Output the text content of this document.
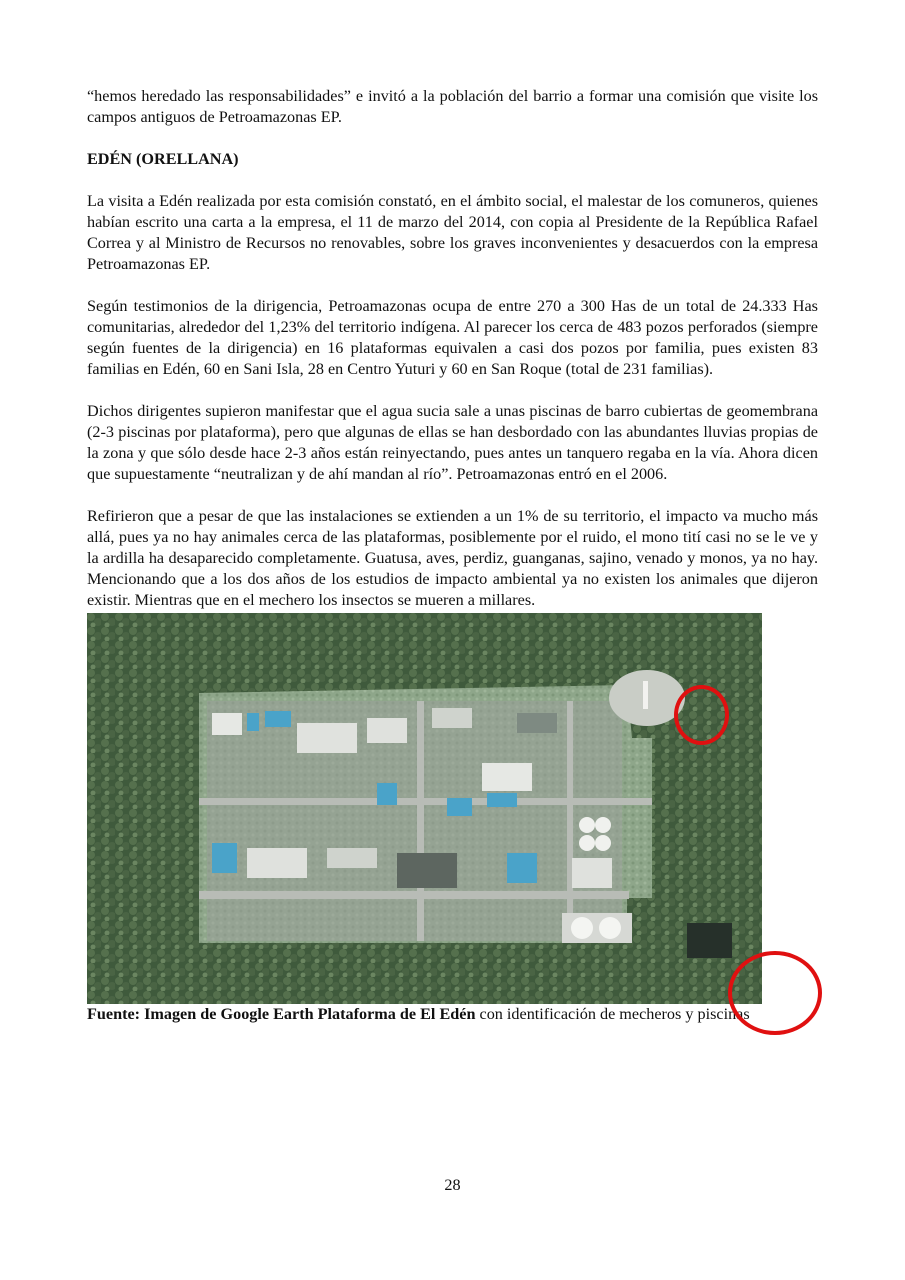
“hemos heredado las responsabilidades” e invitó a la población del barrio a formar una comisión que visite los campos antiguos de Petroamazonas EP.

EDÉN (ORELLANA)

La visita a Edén realizada por esta comisión constató, en el ámbito social, el malestar de los comuneros, quienes habían escrito una carta a la empresa, el 11 de marzo del 2014, con copia al Presidente de la República Rafael Correa y al Ministro de Recursos no renovables, sobre los graves inconvenientes y desacuerdos con la empresa Petroamazonas EP.

Según testimonios de la dirigencia, Petroamazonas ocupa de entre 270 a 300 Has de un total de 24.333 Has comunitarias, alrededor del 1,23% del territorio indígena. Al parecer los cerca de 483 pozos perforados (siempre según fuentes de la dirigencia) en 16 plataformas equivalen a casi dos pozos por familia, pues existen 83 familias en Edén, 60 en Sani Isla, 28 en Centro Yuturi y 60 en San Roque (total de 231 familias).

Dichos dirigentes supieron manifestar que el agua sucia sale a unas piscinas de barro cubiertas de geomembrana (2-3 piscinas por plataforma), pero que algunas de ellas se han desbordado con las abundantes lluvias propias de la zona y que sólo desde hace 2-3 años están reinyectando, pues antes un tanquero regaba en la vía. Ahora dicen que supuestamente “neutralizan y de ahí mandan al río”. Petroamazonas entró en el 2006.

Refirieron que a pesar de que las instalaciones se extienden a un 1% de su territorio, el impacto va mucho más allá, pues ya no hay animales cerca de las plataformas, posiblemente por el ruido, el mono tití casi no se le ve y la ardilla ha desaparecido completamente. Guatusa, aves, perdiz, guanganas, sajino, venado y monos, ya no hay. Mencionando que a los dos años de los estudios de impacto ambiental ya no existen los animales que dijeron existir. Mientras que en el mechero los insectos se mueren a millares.

Fuente: Imagen de Google Earth Plataforma de El Edén con identificación de mecheros y piscinas

28
